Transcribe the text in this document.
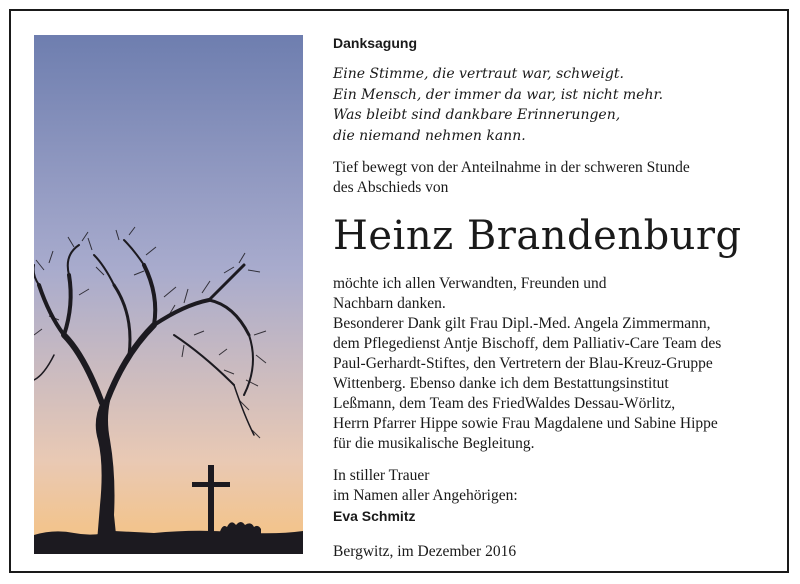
Danksagung
Eine Stimme, die vertraut war, schweigt.
Ein Mensch, der immer da war, ist nicht mehr.
Was bleibt sind dankbare Erinnerungen,
die niemand nehmen kann.
Tief bewegt von der Anteilnahme in der schweren Stunde
des Abschieds von
Heinz Brandenburg
möchte ich allen Verwandten, Freunden und
Nachbarn danken.
Besonderer Dank gilt Frau Dipl.-Med. Angela Zimmermann,
dem Pflegedienst Antje Bischoff, dem Palliativ-Care Team des
Paul-Gerhardt-Stiftes, den Vertretern der Blau-Kreuz-Gruppe
Wittenberg. Ebenso danke ich dem Bestattungsinstitut
Leßmann, dem Team des FriedWaldes Dessau-Wörlitz,
Herrn Pfarrer Hippe sowie Frau Magdalene und Sabine Hippe
für die musikalische Begleitung.
In stiller Trauer
im Namen aller Angehörigen:
Eva Schmitz
Bergwitz, im Dezember 2016
